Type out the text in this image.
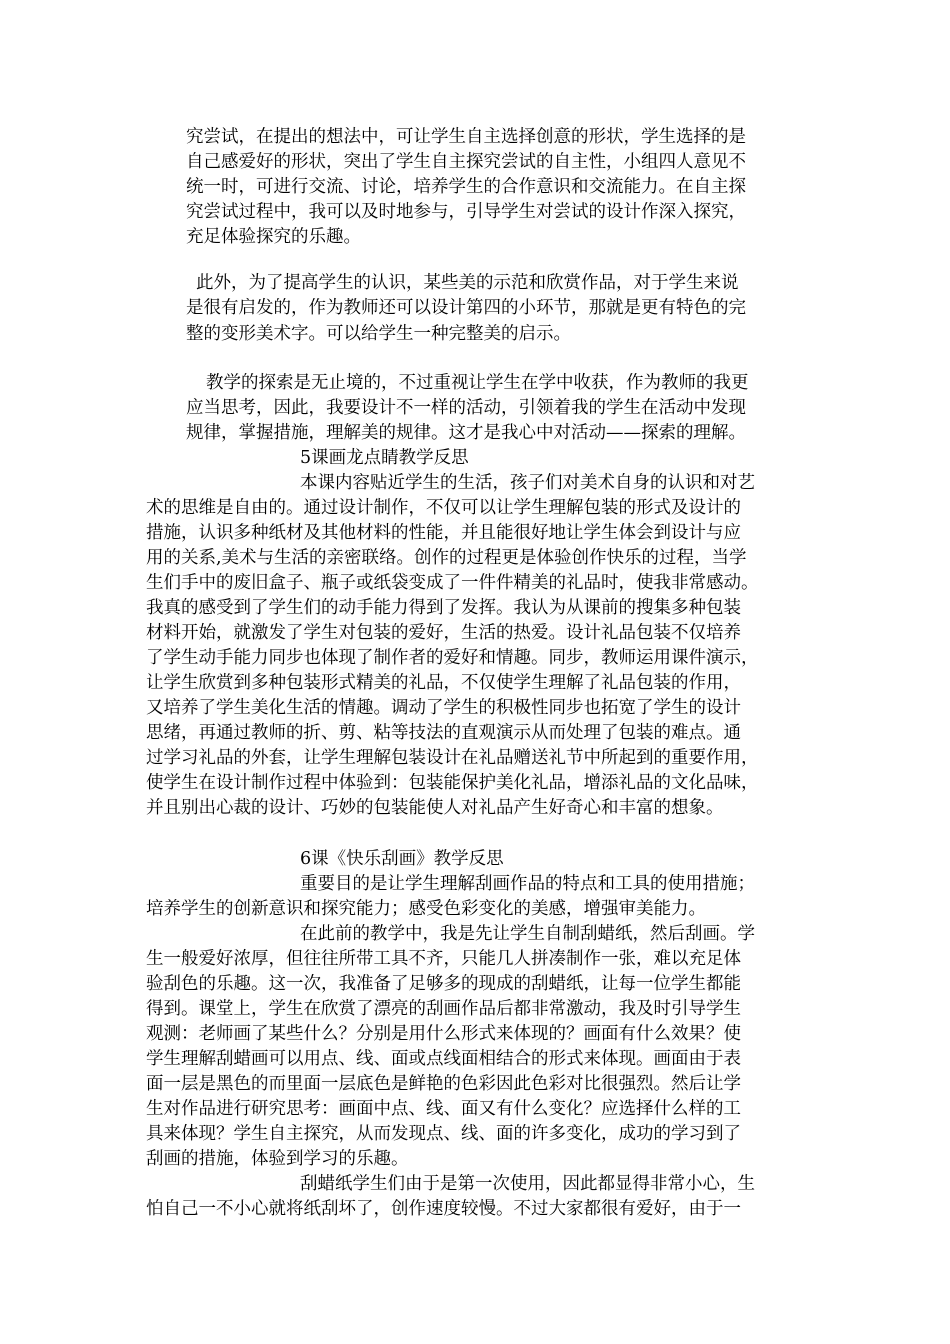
究尝试，在提出的想法中，可让学生自主选择创意的形状，学生选择的是
自己感爱好的形状，突出了学生自主探究尝试的自主性，小组四人意见不
统一时，可进行交流、讨论，培养学生的合作意识和交流能力。在自主探
究尝试过程中，我可以及时地参与，引导学生对尝试的设计作深入探究，
充足体验探究的乐趣。
此外，为了提高学生的认识，某些美的示范和欣赏作品，对于学生来说
是很有启发的，作为教师还可以设计第四的小环节，那就是更有特色的完
整的变形美术字。可以给学生一种完整美的启示。
教学的探索是无止境的，不过重视让学生在学中收获，作为教师的我更
应当思考，因此，我要设计不一样的活动，引领着我的学生在活动中发现
规律，掌握措施，理解美的规律。这才是我心中对活动——探索的理解。
5课画龙点睛教学反思
本课内容贴近学生的生活，孩子们对美术自身的认识和对艺
术的思维是自由的。通过设计制作，不仅可以让学生理解包装的形式及设计的
措施，认识多种纸材及其他材料的性能，并且能很好地让学生体会到设计与应
用的关系,美术与生活的亲密联络。创作的过程更是体验创作快乐的过程，当学
生们手中的废旧盒子、瓶子或纸袋变成了一件件精美的礼品时，使我非常感动。
我真的感受到了学生们的动手能力得到了发挥。我认为从课前的搜集多种包装
材料开始，就激发了学生对包装的爱好，生活的热爱。设计礼品包装不仅培养
了学生动手能力同步也体现了制作者的爱好和情趣。同步，教师运用课件演示，
让学生欣赏到多种包装形式精美的礼品，不仅使学生理解了礼品包装的作用，
又培养了学生美化生活的情趣。调动了学生的积极性同步也拓宽了学生的设计
思绪，再通过教师的折、剪、粘等技法的直观演示从而处理了包装的难点。通
过学习礼品的外套，让学生理解包装设计在礼品赠送礼节中所起到的重要作用，
使学生在设计制作过程中体验到：包装能保护美化礼品，增添礼品的文化品味，
并且别出心裁的设计、巧妙的包装能使人对礼品产生好奇心和丰富的想象。
6课《快乐刮画》教学反思
重要目的是让学生理解刮画作品的特点和工具的使用措施；
培养学生的创新意识和探究能力；感受色彩变化的美感，增强审美能力。
在此前的教学中，我是先让学生自制刮蜡纸，然后刮画。学
生一般爱好浓厚，但往往所带工具不齐，只能几人拼凑制作一张，难以充足体
验刮色的乐趣。这一次，我准备了足够多的现成的刮蜡纸，让每一位学生都能
得到。课堂上，学生在欣赏了漂亮的刮画作品后都非常激动，我及时引导学生
观测：老师画了某些什么？分别是用什么形式来体现的？画面有什么效果？使
学生理解刮蜡画可以用点、线、面或点线面相结合的形式来体现。画面由于表
面一层是黑色的而里面一层底色是鲜艳的色彩因此色彩对比很强烈。然后让学
生对作品进行研究思考：画面中点、线、面又有什么变化？应选择什么样的工
具来体现？学生自主探究，从而发现点、线、面的许多变化，成功的学习到了
刮画的措施，体验到学习的乐趣。
刮蜡纸学生们由于是第一次使用，因此都显得非常小心，生
怕自己一不小心就将纸刮坏了，创作速度较慢。不过大家都很有爱好，由于一
